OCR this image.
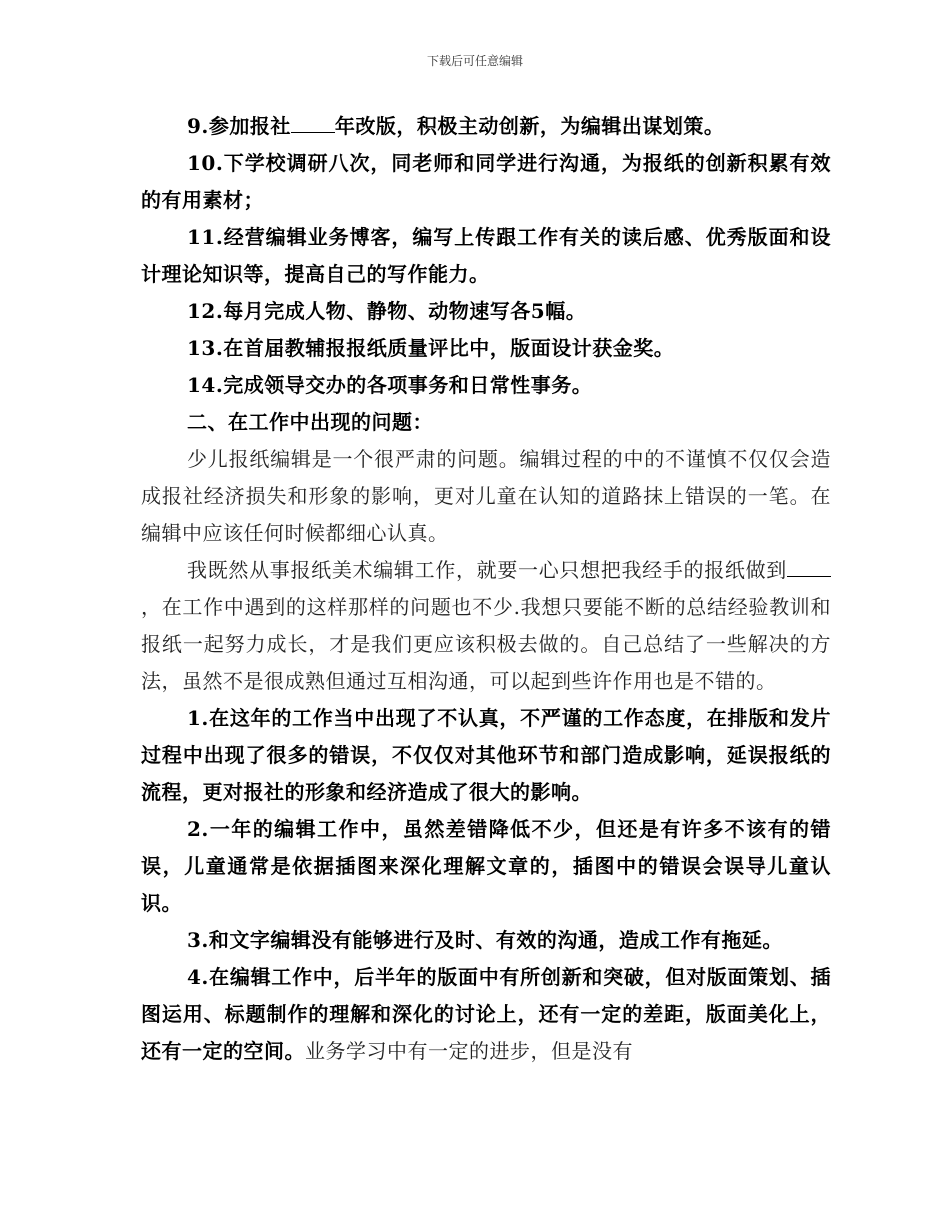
下载后可任意编辑

9.参加报社 年改版，积极主动创新，为编辑出谋划策。

10.下学校调研八次，同老师和同学进行沟通，为报纸的创新积累有效的有用素材；

11.经营编辑业务博客，编写上传跟工作有关的读后感、优秀版面和设计理论知识等，提高自己的写作能力。

12.每月完成人物、静物、动物速写各5幅。

13.在首届教辅报报纸质量评比中，版面设计获金奖。

14.完成领导交办的各项事务和日常性事务。

二、在工作中出现的问题：

少儿报纸编辑是一个很严肃的问题。编辑过程的中的不谨慎不仅仅会造成报社经济损失和形象的影响，更对儿童在认知的道路抹上错误的一笔。在编辑中应该任何时候都细心认真。

我既然从事报纸美术编辑工作，就要一心只想把我经手的报纸做到，在工作中遇到的这样那样的问题也不少.我想只要能不断的总结经验教训和报纸一起努力成长，才是我们更应该积极去做的。自己总结了一些解决的方法，虽然不是很成熟但通过互相沟通，可以起到些许作用也是不错的。

1.在这年的工作当中出现了不认真，不严谨的工作态度，在排版和发片过程中出现了很多的错误，不仅仅对其他环节和部门造成影响，延误报纸的流程，更对报社的形象和经济造成了很大的影响。

2.一年的编辑工作中，虽然差错降低不少，但还是有许多不该有的错误，儿童通常是依据插图来深化理解文章的，插图中的错误会误导儿童认识。

3.和文字编辑没有能够进行及时、有效的沟通，造成工作有拖延。

4.在编辑工作中，后半年的版面中有所创新和突破，但对版面策划、插图运用、标题制作的理解和深化的讨论上，还有一定的差距，版面美化上，还有一定的空间。业务学习中有一定的进步，但是没有
